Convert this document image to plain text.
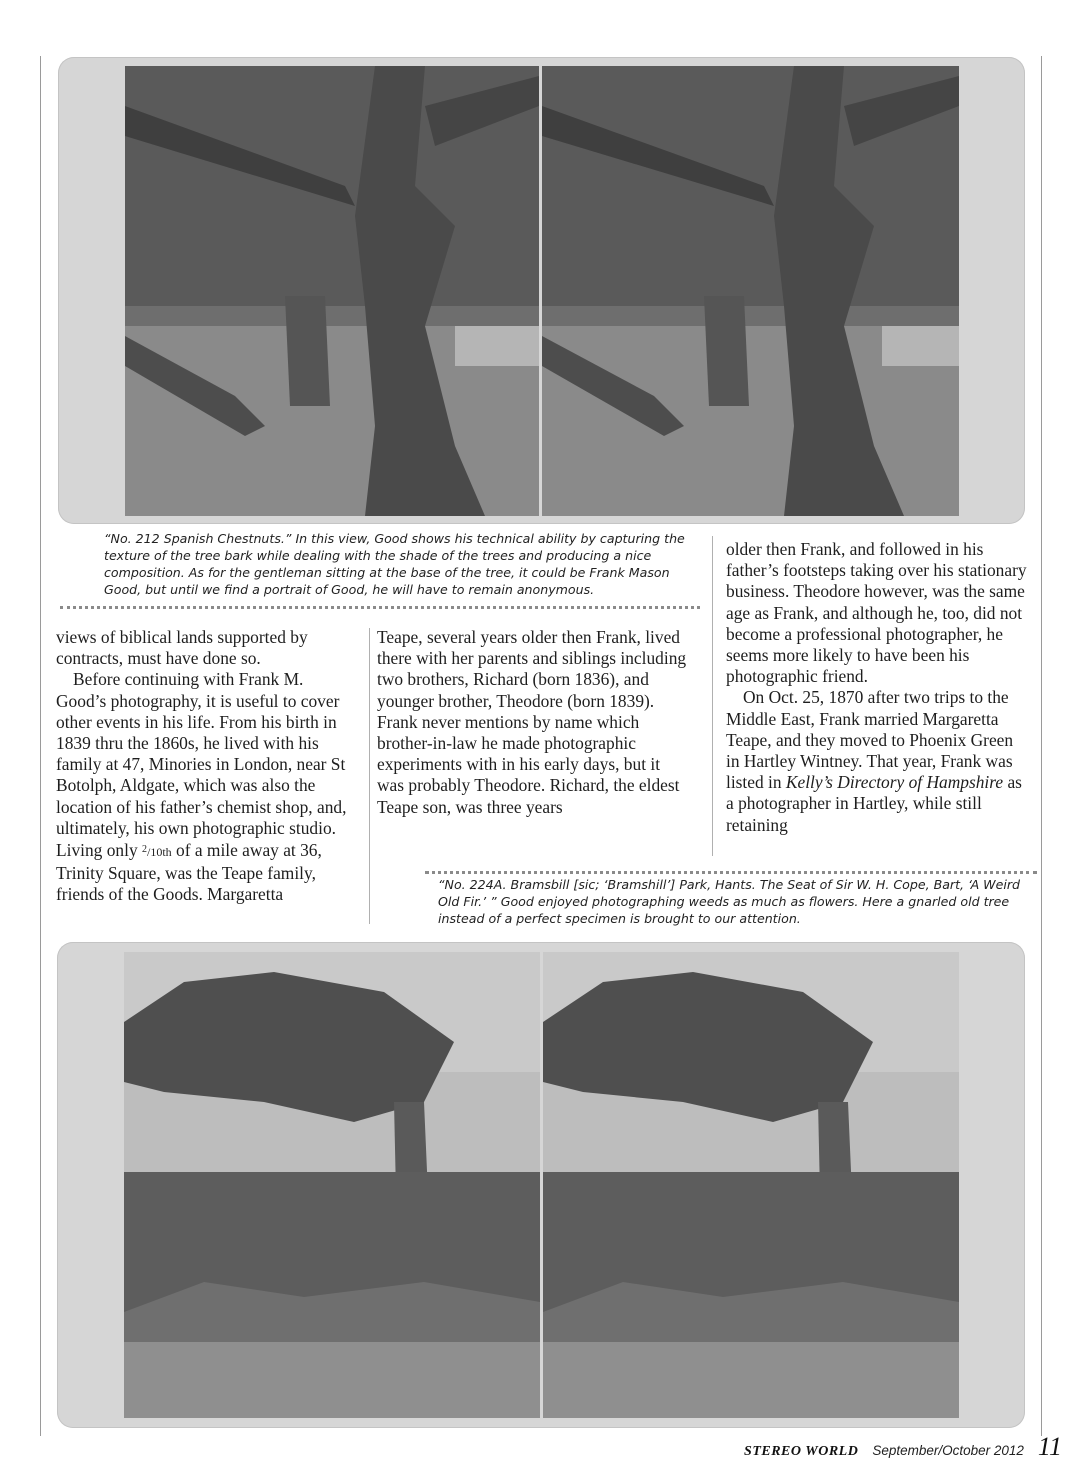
“No. 212 Spanish Chestnuts.” In this view, Good shows his technical ability by capturing the texture of the tree bark while dealing with the shade of the trees and producing a nice composition. As for the gentleman sitting at the base of the tree, it could be Frank Mason Good, but until we find a portrait of Good, he will have to remain anonymous.

views of biblical lands supported by contracts, must have done so.

Before continuing with Frank M. Good’s photography, it is useful to cover other events in his life. From his birth in 1839 thru the 1860s, he lived with his family at 47, Minories in London, near St Botolph, Aldgate, which was also the location of his father’s chemist shop, and, ultimately, his own photographic studio. Living only $^2$/10th of a mile away at 36, Trinity Square, was the Teape family, friends of the Goods. Margaretta

Teape, several years older then Frank, lived there with her parents and siblings including two brothers, Richard (born 1836), and younger brother, Theodore (born 1839). Frank never mentions by name which brother-in-law he made photographic experiments with in his early days, but it was probably Theodore. Richard, the eldest Teape son, was three years

older then Frank, and followed in his father’s footsteps taking over his stationary business. Theodore however, was the same age as Frank, and although he, too, did not become a professional photographer, he seems more likely to have been his photographic friend.

On Oct. 25, 1870 after two trips to the Middle East, Frank married Margaretta Teape, and they moved to Phoenix Green in Hartley Wintney. That year, Frank was listed in Kelly’s Directory of Hampshire as a photographer in Hartley, while still retaining

“No. 224A. Bramsbill [sic; ‘Bramshill’] Park, Hants. The Seat of Sir W. H. Cope, Bart, ‘A Weird Old Fir.’ ” Good enjoyed photographing weeds as much as flowers. Here a gnarled old tree instead of a perfect specimen is brought to our attention.
STEREO WORLD September/October 2012 11
